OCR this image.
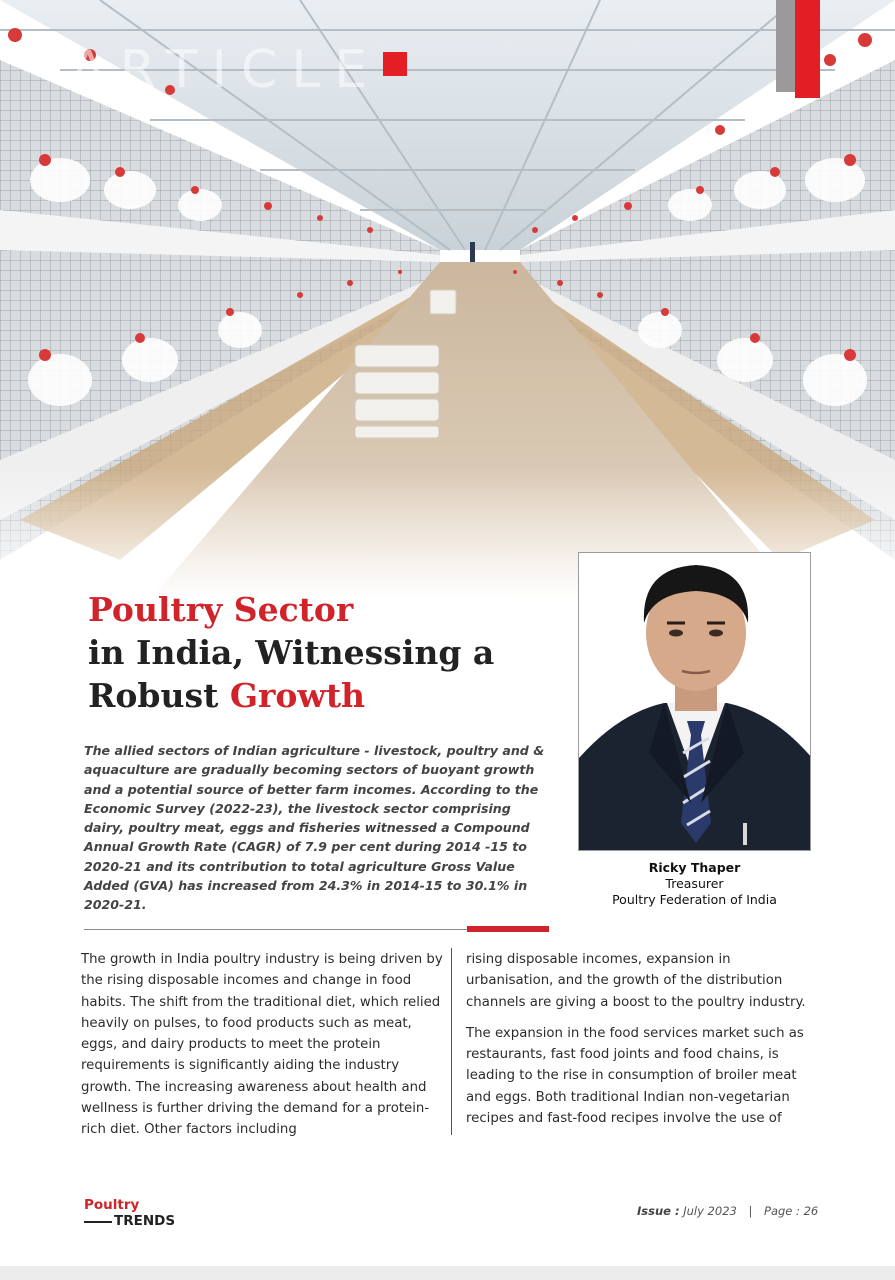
ARTICLE
Ricky Thaper
Treasurer
Poultry Federation of India
Poultry Sector
in India, Witnessing a
Robust Growth
The allied sectors of Indian agriculture - livestock, poultry and & aquaculture are gradually becoming sectors of buoyant growth and a potential source of better farm incomes. According to the Economic Survey (2022-23), the livestock sector comprising dairy, poultry meat, eggs and fisheries witnessed a Compound Annual Growth Rate (CAGR) of 7.9 per cent during 2014 -15 to 2020-21 and its contribution to total agriculture Gross Value Added (GVA) has increased from 24.3% in 2014-15 to 30.1% in 2020-21.

The growth in India poultry industry is being driven by the rising disposable incomes and change in food habits. The shift from the traditional diet, which relied heavily on pulses, to food products such as meat, eggs, and dairy products to meet the protein requirements is significantly aiding the industry growth. The increasing awareness about health and wellness is further driving the demand for a protein-rich diet. Other factors including

rising disposable incomes, expansion in urbanisation, and the growth of the distribution channels are giving a boost to the poultry industry.

The expansion in the food services market such as restaurants, fast food joints and food chains, is leading to the rise in consumption of broiler meat and eggs. Both traditional Indian non-vegetarian recipes and fast-food recipes involve the use of

Poultry
TRENDS
Issue : July 2023 | Page : 26
